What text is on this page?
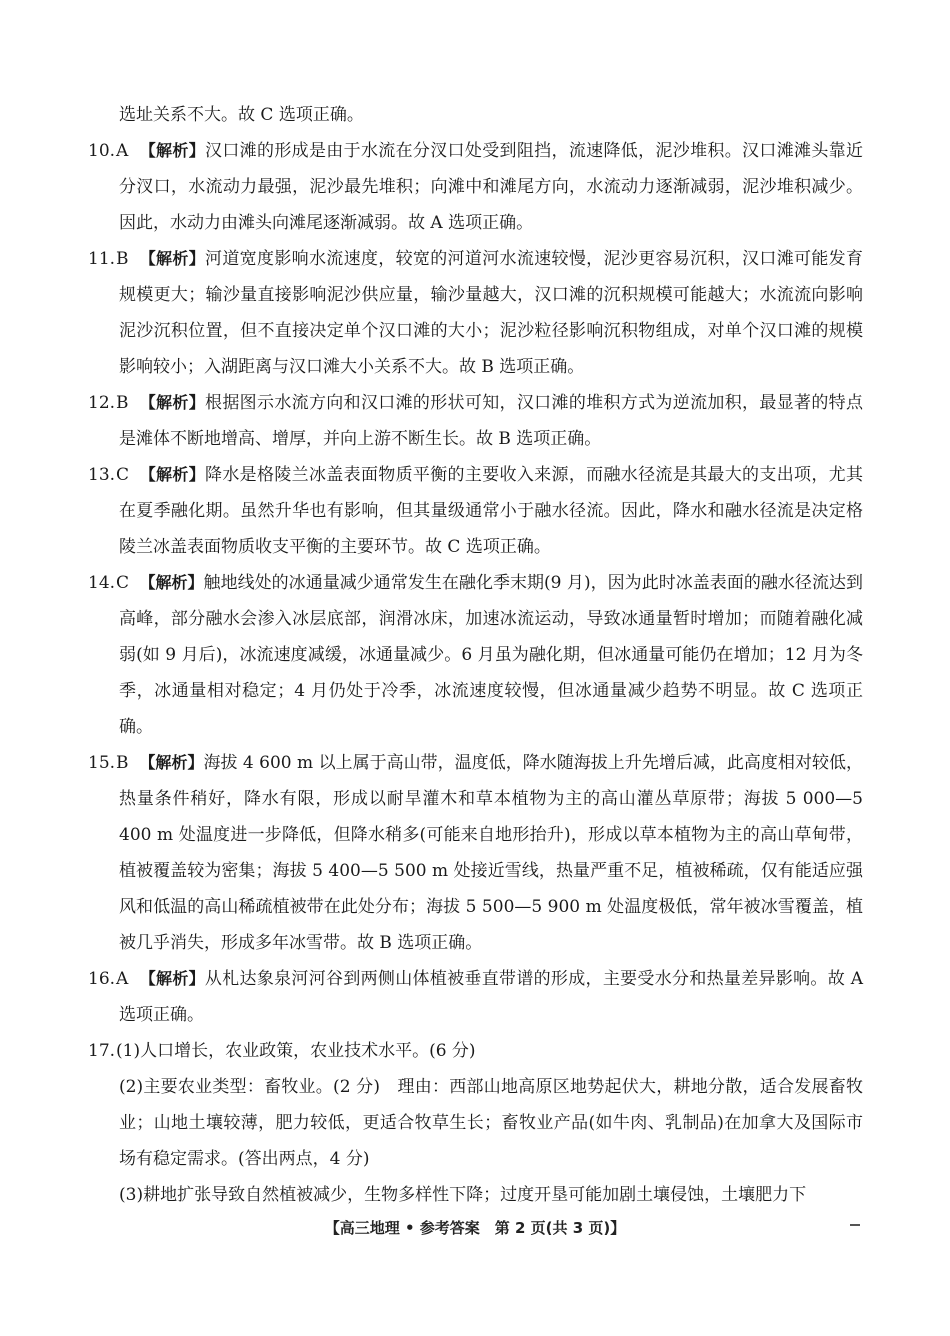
选址关系不大。故 C 选项正确。

10.A 【解析】汉口滩的形成是由于水流在分汊口处受到阻挡，流速降低，泥沙堆积。汉口滩滩头靠近分汊口，水流动力最强，泥沙最先堆积；向滩中和滩尾方向，水流动力逐渐减弱，泥沙堆积减少。因此，水动力由滩头向滩尾逐渐减弱。故 A 选项正确。

11.B 【解析】河道宽度影响水流速度，较宽的河道河水流速较慢，泥沙更容易沉积，汉口滩可能发育规模更大；输沙量直接影响泥沙供应量，输沙量越大，汉口滩的沉积规模可能越大；水流流向影响泥沙沉积位置，但不直接决定单个汉口滩的大小；泥沙粒径影响沉积物组成，对单个汉口滩的规模影响较小；入湖距离与汉口滩大小关系不大。故 B 选项正确。

12.B 【解析】根据图示水流方向和汉口滩的形状可知，汉口滩的堆积方式为逆流加积，最显著的特点是滩体不断地增高、增厚，并向上游不断生长。故 B 选项正确。

13.C 【解析】降水是格陵兰冰盖表面物质平衡的主要收入来源，而融水径流是其最大的支出项，尤其在夏季融化期。虽然升华也有影响，但其量级通常小于融水径流。因此，降水和融水径流是决定格陵兰冰盖表面物质收支平衡的主要环节。故 C 选项正确。

14.C 【解析】触地线处的冰通量减少通常发生在融化季末期(9 月)，因为此时冰盖表面的融水径流达到高峰，部分融水会渗入冰层底部，润滑冰床，加速冰流运动，导致冰通量暂时增加；而随着融化减弱(如 9 月后)，冰流速度减缓，冰通量减少。6 月虽为融化期，但冰通量可能仍在增加；12 月为冬季，冰通量相对稳定；4 月仍处于冷季，冰流速度较慢，但冰通量减少趋势不明显。故 C 选项正确。

15.B 【解析】海拔 4 600 m 以上属于高山带，温度低，降水随海拔上升先增后减，此高度相对较低，热量条件稍好，降水有限，形成以耐旱灌木和草本植物为主的高山灌丛草原带；海拔 5 000—5 400 m 处温度进一步降低，但降水稍多(可能来自地形抬升)，形成以草本植物为主的高山草甸带，植被覆盖较为密集；海拔 5 400—5 500 m 处接近雪线，热量严重不足，植被稀疏，仅有能适应强风和低温的高山稀疏植被带在此处分布；海拔 5 500—5 900 m 处温度极低，常年被冰雪覆盖，植被几乎消失，形成多年冰雪带。故 B 选项正确。

16.A 【解析】从札达象泉河河谷到两侧山体植被垂直带谱的形成，主要受水分和热量差异影响。故 A 选项正确。

17.(1)人口增长，农业政策，农业技术水平。(6 分)

(2)主要农业类型：畜牧业。(2 分)　理由：西部山地高原区地势起伏大，耕地分散，适合发展畜牧业；山地土壤较薄，肥力较低，更适合牧草生长；畜牧业产品(如牛肉、乳制品)在加拿大及国际市场有稳定需求。(答出两点，4 分)

(3)耕地扩张导致自然植被减少，生物多样性下降；过度开垦可能加剧土壤侵蚀，土壤肥力下

【高三地理 • 参考答案　第 2 页(共 3 页)】
